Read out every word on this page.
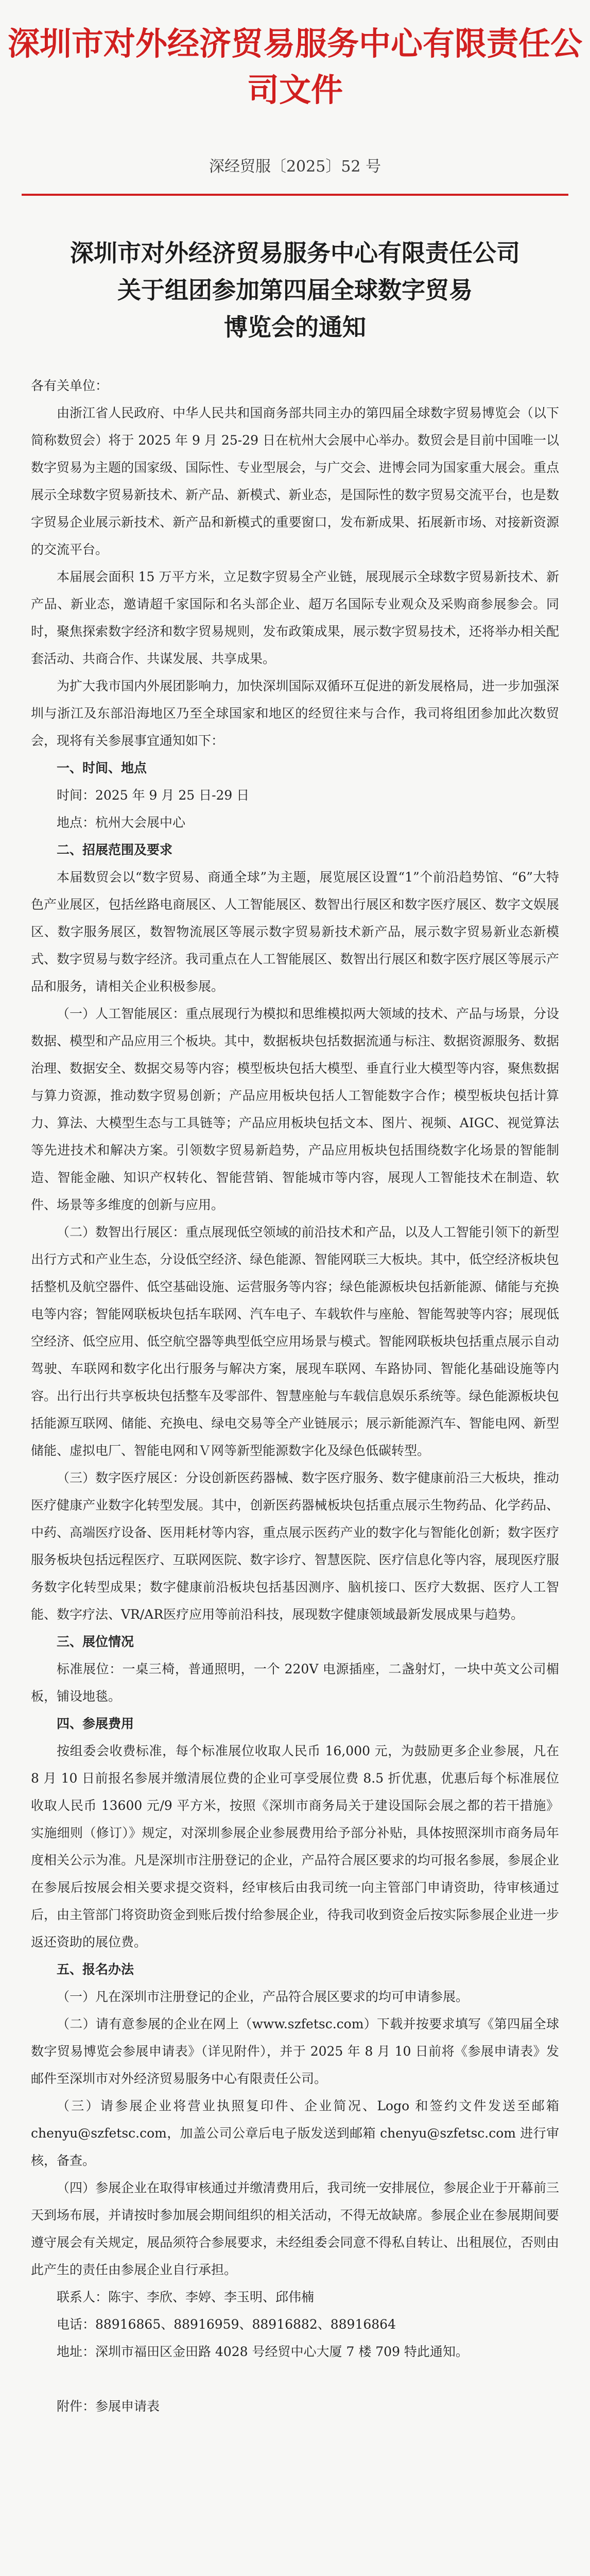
深圳市对外经济贸易服务中心有限责任公司文件
深经贸服〔2025〕52 号
深圳市对外经济贸易服务中心有限责任公司
关于组团参加第四届全球数字贸易
博览会的通知

各有关单位：

由浙江省人民政府、中华人民共和国商务部共同主办的第四届全球数字贸易博览会（以下简称数贸会）将于 2025 年 9 月 25-29 日在杭州大会展中心举办。数贸会是目前中国唯一以数字贸易为主题的国家级、国际性、专业型展会，与广交会、进博会同为国家重大展会。重点展示全球数字贸易新技术、新产品、新模式、新业态，是国际性的数字贸易交流平台，也是数字贸易企业展示新技术、新产品和新模式的重要窗口，发布新成果、拓展新市场、对接新资源的交流平台。

本届展会面积 15 万平方米，立足数字贸易全产业链，展现展示全球数字贸易新技术、新产品、新业态，邀请超千家国际和名头部企业、超万名国际专业观众及采购商参展参会。同时，聚焦探索数字经济和数字贸易规则，发布政策成果，展示数字贸易技术，还将举办相关配套活动、共商合作、共谋发展、共享成果。

为扩大我市国内外展团影响力，加快深圳国际双循环互促进的新发展格局，进一步加强深圳与浙江及东部沿海地区乃至全球国家和地区的经贸往来与合作，我司将组团参加此次数贸会，现将有关参展事宜通知如下：

一、时间、地点

时间：2025 年 9 月 25 日-29 日

地点：杭州大会展中心

二、招展范围及要求

本届数贸会以“数字贸易、商通全球”为主题，展览展区设置“1”个前沿趋势馆、“6”大特色产业展区，包括丝路电商展区、人工智能展区、数智出行展区和数字医疗展区、数字文娱展区、数字服务展区，数智物流展区等展示数字贸易新技术新产品，展示数字贸易新业态新模式、数字贸易与数字经济。我司重点在人工智能展区、数智出行展区和数字医疗展区等展示产品和服务，请相关企业积极参展。

（一）人工智能展区：重点展现行为模拟和思维模拟两大领域的技术、产品与场景，分设数据、模型和产品应用三个板块。其中，数据板块包括数据流通与标注、数据资源服务、数据治理、数据安全、数据交易等内容；模型板块包括大模型、垂直行业大模型等内容，聚焦数据与算力资源，推动数字贸易创新；产品应用板块包括人工智能数字合作；模型板块包括计算力、算法、大模型生态与工具链等；产品应用板块包括文本、图片、视频、AIGC、视觉算法等先进技术和解决方案。引领数字贸易新趋势，产品应用板块包括围绕数字化场景的智能制造、智能金融、知识产权转化、智能营销、智能城市等内容，展现人工智能技术在制造、软件、场景等多维度的创新与应用。

（二）数智出行展区：重点展现低空领域的前沿技术和产品，以及人工智能引领下的新型出行方式和产业生态，分设低空经济、绿色能源、智能网联三大板块。其中，低空经济板块包括整机及航空器件、低空基础设施、运营服务等内容；绿色能源板块包括新能源、储能与充换电等内容；智能网联板块包括车联网、汽车电子、车载软件与座舱、智能驾驶等内容；展现低空经济、低空应用、低空航空器等典型低空应用场景与模式。智能网联板块包括重点展示自动驾驶、车联网和数字化出行服务与解决方案，展现车联网、车路协同、智能化基础设施等内容。出行出行共享板块包括整车及零部件、智慧座舱与车载信息娱乐系统等。绿色能源板块包括能源互联网、储能、充换电、绿电交易等全产业链展示；展示新能源汽车、智能电网、新型储能、虚拟电厂、智能电网和Ｖ网等新型能源数字化及绿色低碳转型。

（三）数字医疗展区：分设创新医药器械、数字医疗服务、数字健康前沿三大板块，推动医疗健康产业数字化转型发展。其中，创新医药器械板块包括重点展示生物药品、化学药品、中药、高端医疗设备、医用耗材等内容，重点展示医药产业的数字化与智能化创新；数字医疗服务板块包括远程医疗、互联网医院、数字诊疗、智慧医院、医疗信息化等内容，展现医疗服务数字化转型成果；数字健康前沿板块包括基因测序、脑机接口、医疗大数据、医疗人工智能、数字疗法、VR/AR医疗应用等前沿科技，展现数字健康领域最新发展成果与趋势。

三、展位情况

标准展位：一桌三椅，普通照明，一个 220V 电源插座，二盏射灯，一块中英文公司楣板，铺设地毯。

四、参展费用

按组委会收费标准，每个标准展位收取人民币 16,000 元，为鼓励更多企业参展，凡在 8 月 10 日前报名参展并缴清展位费的企业可享受展位费 8.5 折优惠，优惠后每个标准展位收取人民币 13600 元/9 平方米，按照《深圳市商务局关于建设国际会展之都的若干措施》实施细则（修订）》规定，对深圳参展企业参展费用给予部分补贴，具体按照深圳市商务局年度相关公示为准。凡是深圳市注册登记的企业，产品符合展区要求的均可报名参展，参展企业在参展后按展会相关要求提交资料，经审核后由我司统一向主管部门申请资助，待审核通过后，由主管部门将资助资金到账后拨付给参展企业，待我司收到资金后按实际参展企业进一步返还资助的展位费。

五、报名办法

（一）凡在深圳市注册登记的企业，产品符合展区要求的均可申请参展。

（二）请有意参展的企业在网上（www.szfetsc.com）下载并按要求填写《第四届全球数字贸易博览会参展申请表》（详见附件），并于 2025 年 8 月 10 日前将《参展申请表》发邮件至深圳市对外经济贸易服务中心有限责任公司。

（三）请参展企业将营业执照复印件、企业简况、Logo 和签约文件发送至邮箱 chenyu@szfetsc.com，加盖公司公章后电子版发送到邮箱 chenyu@szfetsc.com 进行审核，备查。

（四）参展企业在取得审核通过并缴清费用后，我司统一安排展位，参展企业于开幕前三天到场布展，并请按时参加展会期间组织的相关活动，不得无故缺席。参展企业在参展期间要遵守展会有关规定，展品须符合参展要求，未经组委会同意不得私自转让、出租展位，否则由此产生的责任由参展企业自行承担。

联系人：陈宇、李欣、李婷、李玉明、邱伟楠

电话：88916865、88916959、88916882、88916864

地址：深圳市福田区金田路 4028 号经贸中心大厦 7 楼 709 特此通知。

附件：参展申请表
